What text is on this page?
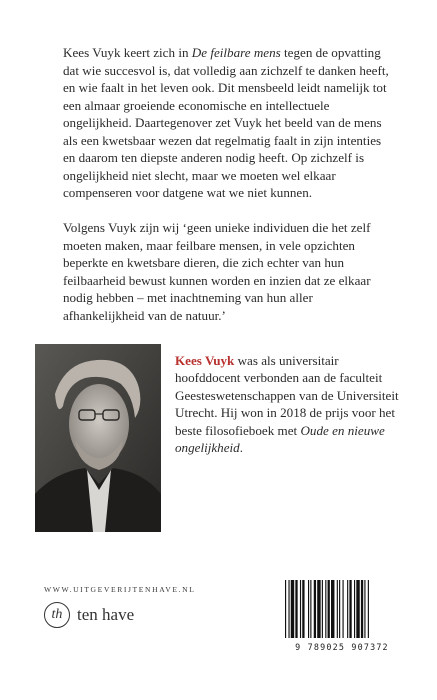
Kees Vuyk keert zich in De feilbare mens tegen de opvatting dat wie succesvol is, dat volledig aan zichzelf te danken heeft, en wie faalt in het leven ook. Dit mensbeeld leidt namelijk tot een almaar groeiende economische en intellectuele ongelijkheid. Daartegenover zet Vuyk het beeld van de mens als een kwetsbaar wezen dat regelmatig faalt in zijn intenties en daarom ten diepste anderen nodig heeft. Op zichzelf is ongelijkheid niet slecht, maar we moeten wel elkaar compenseren voor datgene wat we niet kunnen.

Volgens Vuyk zijn wij ‘geen unieke individuen die het zelf moeten maken, maar feilbare mensen, in vele opzichten beperkte en kwetsbare dieren, die zich echter van hun feilbaarheid bewust kunnen worden en inzien dat ze elkaar nodig hebben – met inachtneming van hun aller afhankelijkheid van de natuur.’

Kees Vuyk was als universitair hoofddocent verbonden aan de faculteit Geesteswetenschappen van de Universiteit Utrecht. Hij won in 2018 de prijs voor het beste filosofieboek met Oude en nieuwe ongelijkheid.
WWW.UITGEVERIJTENHAVE.NL
th ten have
9 789025 907372
